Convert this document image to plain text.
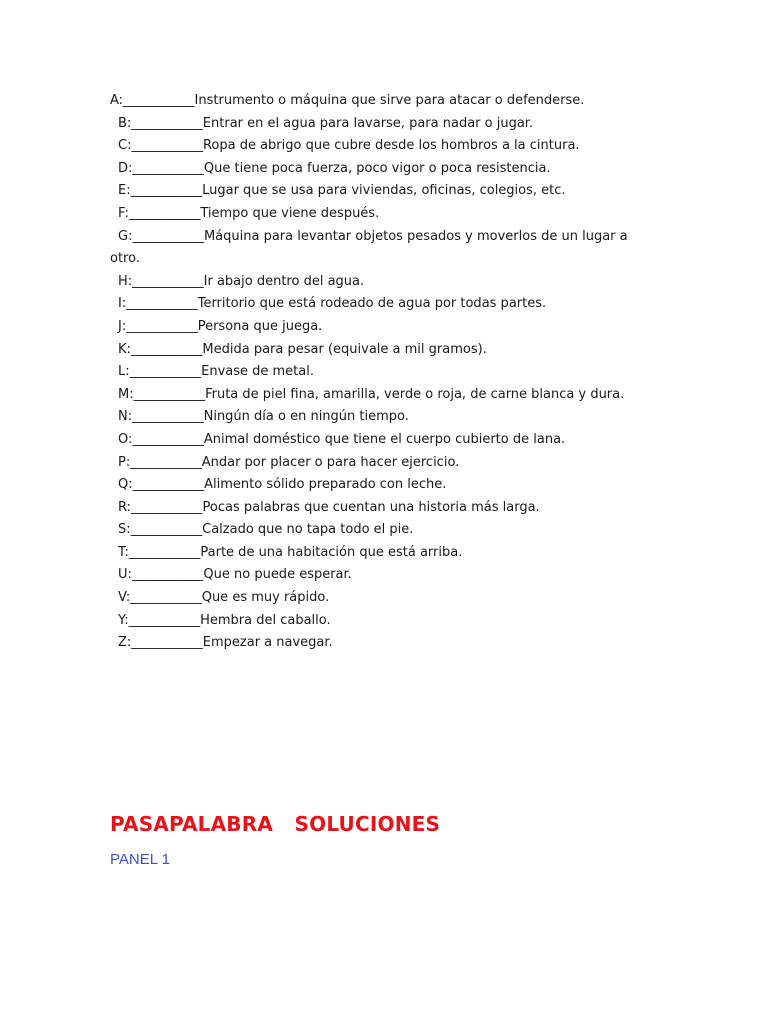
A:___________Instrumento o máquina que sirve para atacar o defenderse.
B:___________Entrar en el agua para lavarse, para nadar o jugar.
C:___________Ropa de abrigo que cubre desde los hombros a la cintura.
D:___________Que tiene poca fuerza, poco vigor o poca resistencia.
E:___________Lugar que se usa para viviendas, oficinas, colegios, etc.
F:___________Tiempo que viene después.
G:___________Máquina para levantar objetos pesados y moverlos de un lugar a otro.
H:___________Ir abajo dentro del agua.
I:___________Territorio que está rodeado de agua por todas partes.
J:___________Persona que juega.
K:___________Medida para pesar (equivale a mil gramos).
L:___________Envase de metal.
M:___________Fruta de piel fina, amarilla, verde o roja, de carne blanca y dura.
N:___________Ningún día o en ningún tiempo.
O:___________Animal doméstico que tiene el cuerpo cubierto de lana.
P:___________Andar por placer o para hacer ejercicio.
Q:___________Alimento sólido preparado con leche.
R:___________Pocas palabras que cuentan una historia más larga.
S:___________Calzado que no tapa todo el pie.
T:___________Parte de una habitación que está arriba.
U:___________Que no puede esperar.
V:___________Que es muy rápido.
Y:___________Hembra del caballo.
Z:___________Empezar a navegar.
PASAPALABRA   SOLUCIONES
PANEL 1
